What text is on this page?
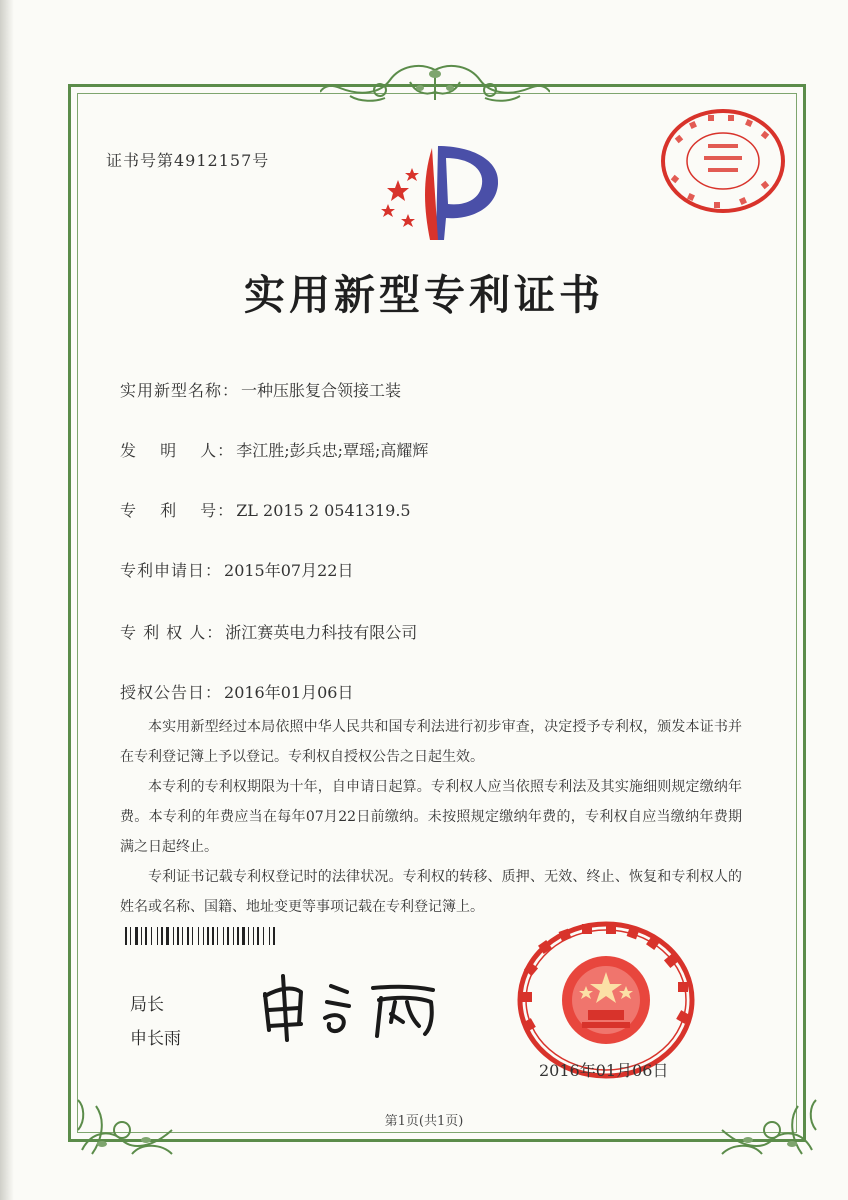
证书号第4912157号
实用新型专利证书
实用新型名称： 一种压胀复合领接工装
发　 明　 人： 李江胜;彭兵忠;覃瑶;高耀辉
专　 利　 号： ZL 2015 2 0541319.5
专利申请日： 2015年07月22日
专 利 权 人： 浙江赛英电力科技有限公司
授权公告日： 2016年01月06日

本实用新型经过本局依照中华人民共和国专利法进行初步审查，决定授予专利权，颁发本证书并在专利登记簿上予以登记。专利权自授权公告之日起生效。

本专利的专利权期限为十年，自申请日起算。专利权人应当依照专利法及其实施细则规定缴纳年费。本专利的年费应当在每年07月22日前缴纳。未按照规定缴纳年费的，专利权自应当缴纳年费期满之日起终止。

专利证书记载专利权登记时的法律状况。专利权的转移、质押、无效、终止、恢复和专利权人的姓名或名称、国籍、地址变更等事项记载在专利登记簿上。

局长
申长雨
2016年01月06日
第1页(共1页)
